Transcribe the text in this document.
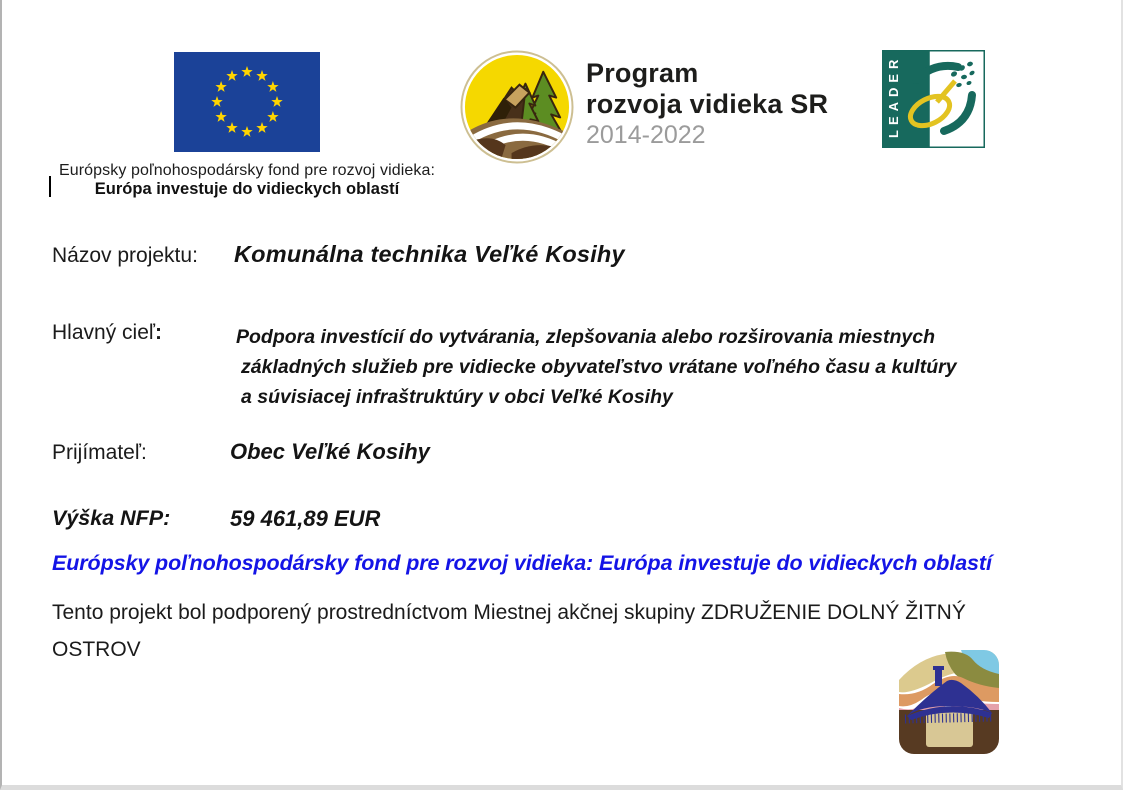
Európsky poľnohospodársky fond pre rozvoj vidieka:
Európa investuje do vidieckych oblastí
Program
rozvoja vidieka SR
2014-2022	LEADER
Názov projektu: Komunálna technika Veľké Kosihy
Hlavný cieľ:	Podpora investícií do vytvárania, zlepšovania alebo rozširovania miestnych
základných služieb pre vidiecke obyvateľstvo vrátane voľného času a kultúry
a súvisiacej infraštruktúry v obci Veľké Kosihy
Prijímateľ:	Obec Veľké Kosihy
Výška NFP:	59 461,89 EUR
Európsky poľnohospodársky fond pre rozvoj vidieka: Európa investuje do vidieckych oblastí
Tento projekt bol podporený prostredníctvom Miestnej akčnej skupiny ZDRUŽENIE DOLNÝ ŽITNÝ OSTROV
